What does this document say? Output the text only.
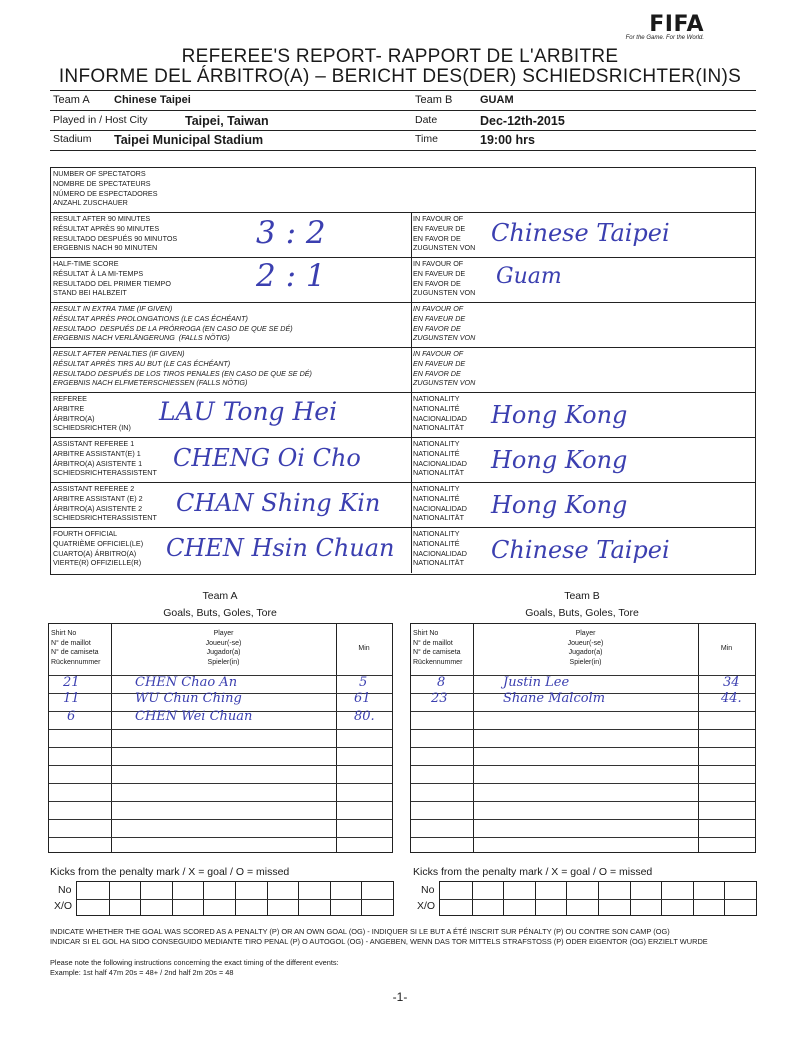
FIFA
For the Game. For the World.
REFEREE'S REPORT- RAPPORT DE L'ARBITRE
INFORME DEL ÁRBITRO(A) – BERICHT DES(DER) SCHIEDSRICHTER(IN)S
Team A Chinese Taipei	Team B	GUAM
Played in / Host City	Taipei, Taiwan	Date	Dec-12th-2015
Stadium Taipei Municipal Stadium	Time	19:00 hrs
NUMBER OF SPECTATORS
NOMBRE DE SPECTATEURS
NÚMERO DE ESPECTADORES
ANZAHL ZUSCHAUER
RESULT AFTER 90 MINUTES
RÉSULTAT APRÈS 90 MINUTES
RESULTADO DESPUÉS 90 MINUTOS
ERGEBNIS NACH 90 MINUTEN
IN FAVOUR OF
EN FAVEUR DE
EN FAVOR DE
ZUGUNSTEN VON
3 : 2	Chinese Taipei
HALF-TIME SCORE
RÉSULTAT À LA MI-TEMPS
RESULTADO DEL PRIMER TIEMPO
STAND BEI HALBZEIT
IN FAVOUR OF
EN FAVEUR DE
EN FAVOR DE
ZUGUNSTEN VON
2 : 1	Guam
RESULT IN EXTRA TIME (IF GIVEN)
RÉSULTAT APRÈS PROLONGATIONS (LE CAS ÉCHÉANT)
RESULTADO  DESPUÉS DE LA PRÓRROGA (EN CASO DE QUE SE DÉ)
ERGEBNIS NACH VERLÄNGERUNG  (FALLS NÖTIG)
IN FAVOUR OF
EN FAVEUR DE
EN FAVOR DE
ZUGUNSTEN VON
RESULT AFTER PENALTIES (IF GIVEN)
RÉSULTAT APRÈS TIRS AU BUT (LE CAS ÉCHÉANT)
RESULTADO DESPUÉS DE LOS TIROS PENALES (EN CASO DE QUE SE DÉ)
ERGEBNIS NACH ELFMETERSCHIESSEN (FALLS NÖTIG)
IN FAVOUR OF
EN FAVEUR DE
EN FAVOR DE
ZUGUNSTEN VON
REFEREE
ARBITRE
ÁRBITRO(A)
SCHIEDSRICHTER (IN)
NATIONALITY
NATIONALITÉ
NACIONALIDAD
NATIONALITÄT
LAU Tong Hei	Hong Kong
ASSISTANT REFEREE 1
ARBITRE ASSISTANT(E) 1
ÁRBITRO(A) ASISTENTE 1
SCHIEDSRICHTERASSISTENT
NATIONALITY
NATIONALITÉ
NACIONALIDAD
NATIONALITÄT
CHENG Oi Cho	Hong Kong
ASSISTANT REFEREE 2
ARBITRE ASSISTANT (E) 2
ÁRBITRO(A) ASISTENTE 2
SCHIEDSRICHTERASSISTENT
NATIONALITY
NATIONALITÉ
NACIONALIDAD
NATIONALITÄT
CHAN Shing Kin	Hong Kong
FOURTH OFFICIAL
QUATRIÈME OFFICIEL(LE)
CUARTO(A) ÁRBITRO(A)
VIERTE(R) OFFIZIELLE(R)
NATIONALITY
NATIONALITÉ
NACIONALIDAD
NATIONALITÄT
CHEN Hsin Chuan	Chinese Taipei
Team A
Goals, Buts, Goles, Tore
Team B
Goals, Buts, Goles, Tore
Shirt No
N° de maillot
N° de camiseta
Rückennummer
Player
Joueur(-se)
Jugador(a)
Spieler(in)
Min
21	CHEN Chao An	5
11	WU Chun Ching	61
6	CHEN Wei Chuan	80.
Shirt No
N° de maillot
N° de camiseta
Rückennummer
Player
Joueur(-se)
Jugador(a)
Spieler(in)
Min
8	Justin Lee	34
23	Shane Malcolm	44.
Kicks from the penalty mark / X = goal / O = missed
No
X/O
Kicks from the penalty mark / X = goal / O = missed
No
X/O
INDICATE WHETHER THE GOAL WAS SCORED AS A PENALTY (P) OR AN OWN GOAL (OG) - INDIQUER SI LE BUT A ÉTÉ INSCRIT SUR PÉNALTY (P) OU CONTRE SON CAMP (OG)
INDICAR SI EL GOL HA SIDO CONSEGUIDO MEDIANTE TIRO PENAL (P) O AUTOGOL (OG) - ANGEBEN, WENN DAS TOR MITTELS STRAFSTOSS (P) ODER EIGENTOR (OG) ERZIELT WURDE
Please note the following instructions concerning the exact timing of the different events:
Example: 1st half 47m 20s = 48+ / 2nd half 2m 20s = 48
-1-
